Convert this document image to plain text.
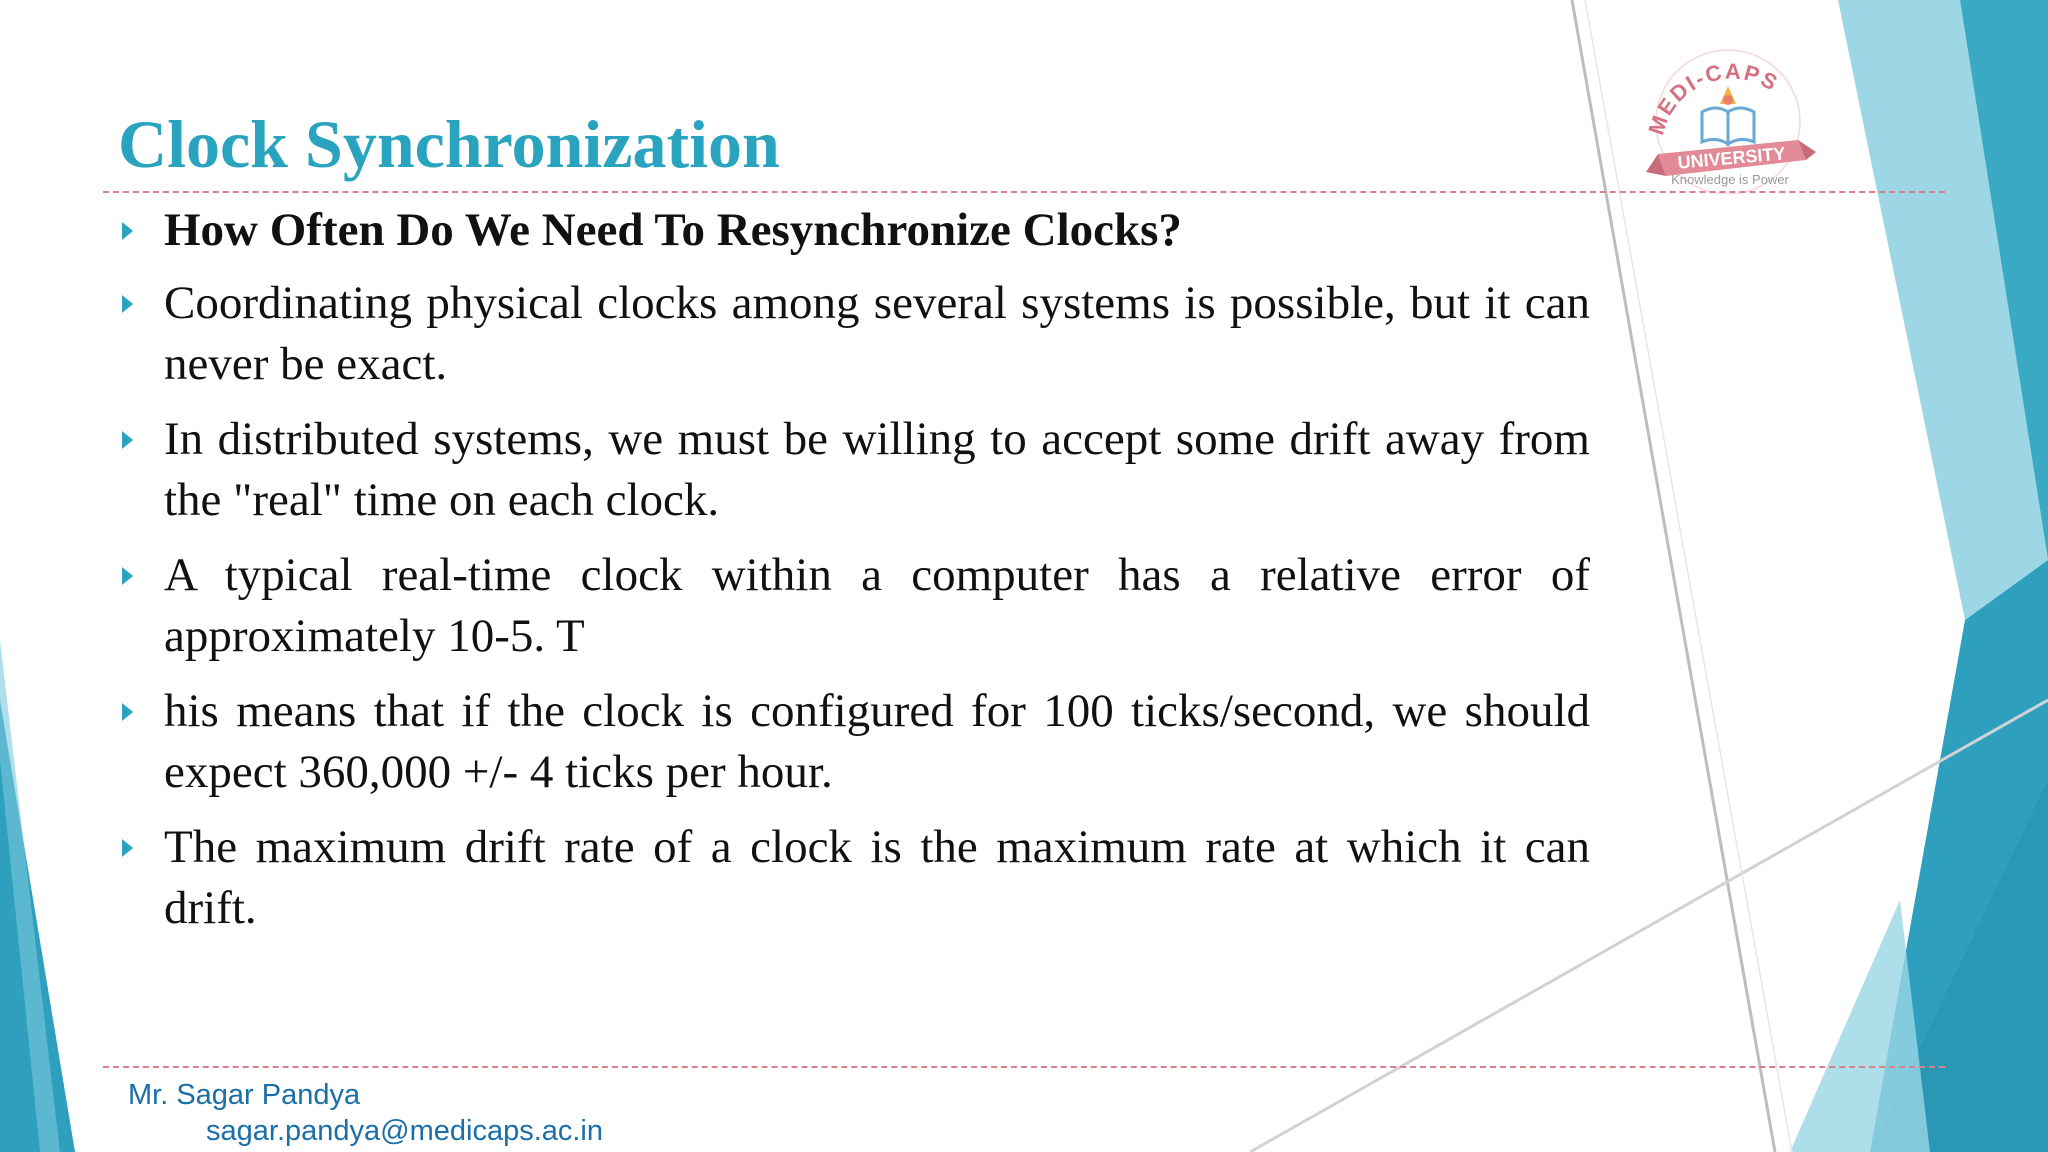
MEDI-CAPS
UNIVERSITY
Knowledge is Power
Clock Synchronization
How Often Do We Need To Resynchronize Clocks?
Coordinating physical clocks among several systems is possible, but it can never be exact.
In distributed systems, we must be willing to accept some drift away from the "real" time on each clock.
A typical real-time clock within a computer has a relative error of approximately 10-5. T
his means that if the clock is configured for 100 ticks/second, we should expect 360,000 +/- 4 ticks per hour.
The maximum drift rate of a clock is the maximum rate at which it can drift.
Mr. Sagar Pandya
sagar.pandya@medicaps.ac.in
